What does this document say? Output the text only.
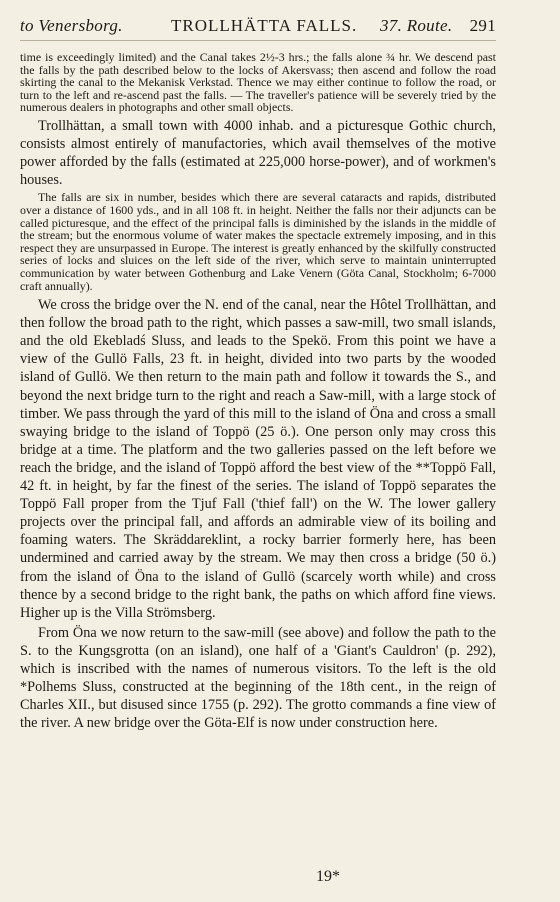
to Venersborg.	TROLLHÄTTA FALLS. 37. Route. 291

time is exceedingly limited) and the Canal takes 2½-3 hrs.; the falls alone ¾ hr. We descend past the falls by the path described below to the locks of Akersvass; then ascend and follow the road skirting the canal to the Mekanisk Verkstad. Thence we may either continue to follow the road, or turn to the left and re-ascend past the falls. — The traveller's patience will be severely tried by the numerous dealers in photographs and other small objects.

Trollhättan, a small town with 4000 inhab. and a picturesque Gothic church, consists almost entirely of manufactories, which avail themselves of the motive power afforded by the falls (estimated at 225,000 horse-power), and of workmen's houses.

The falls are six in number, besides which there are several cataracts and rapids, distributed over a distance of 1600 yds., and in all 108 ft. in height. Neither the falls nor their adjuncts can be called picturesque, and the effect of the principal falls is diminished by the islands in the middle of the stream; but the enormous volume of water makes the spectacle extremely imposing, and in this respect they are unsurpassed in Europe. The interest is greatly enhanced by the skilfully constructed series of locks and sluices on the left side of the river, which serve to maintain uninterrupted communication by water between Gothenburg and Lake Venern (Göta Canal, Stockholm; 6-7000 craft annually).

We cross the bridge over the N. end of the canal, near the Hôtel Trollhättan, and then follow the broad path to the right, which passes a saw-mill, two small islands, and the old Ekebladś Sluss, and leads to the Spekö. From this point we have a view of the Gullö Falls, 23 ft. in height, divided into two parts by the wooded island of Gullö. We then return to the main path and follow it towards the S., and beyond the next bridge turn to the right and reach a Saw-mill, with a large stock of timber. We pass through the yard of this mill to the island of Öna and cross a small swaying bridge to the island of Toppö (25 ö.). One person only may cross this bridge at a time. The platform and the two galleries passed on the left before we reach the bridge, and the island of Toppö afford the best view of the **Toppö Fall, 42 ft. in height, by far the finest of the series. The island of Toppö separates the Toppö Fall proper from the Tjuf Fall ('thief fall') on the W. The lower gallery projects over the principal fall, and affords an admirable view of its boiling and foaming waters. The Skräddareklint, a rocky barrier formerly here, has been undermined and carried away by the stream. We may then cross a bridge (50 ö.) from the island of Öna to the island of Gullö (scarcely worth while) and cross thence by a second bridge to the right bank, the paths on which afford fine views. Higher up is the Villa Strömsberg.

From Öna we now return to the saw-mill (see above) and follow the path to the S. to the Kungsgrotta (on an island), one half of a 'Giant's Cauldron' (p. 292), which is inscribed with the names of numerous visitors. To the left is the old *Polhems Sluss, constructed at the beginning of the 18th cent., in the reign of Charles XII., but disused since 1755 (p. 292). The grotto commands a fine view of the river. A new bridge over the Göta-Elf is now under construction here.

19*
